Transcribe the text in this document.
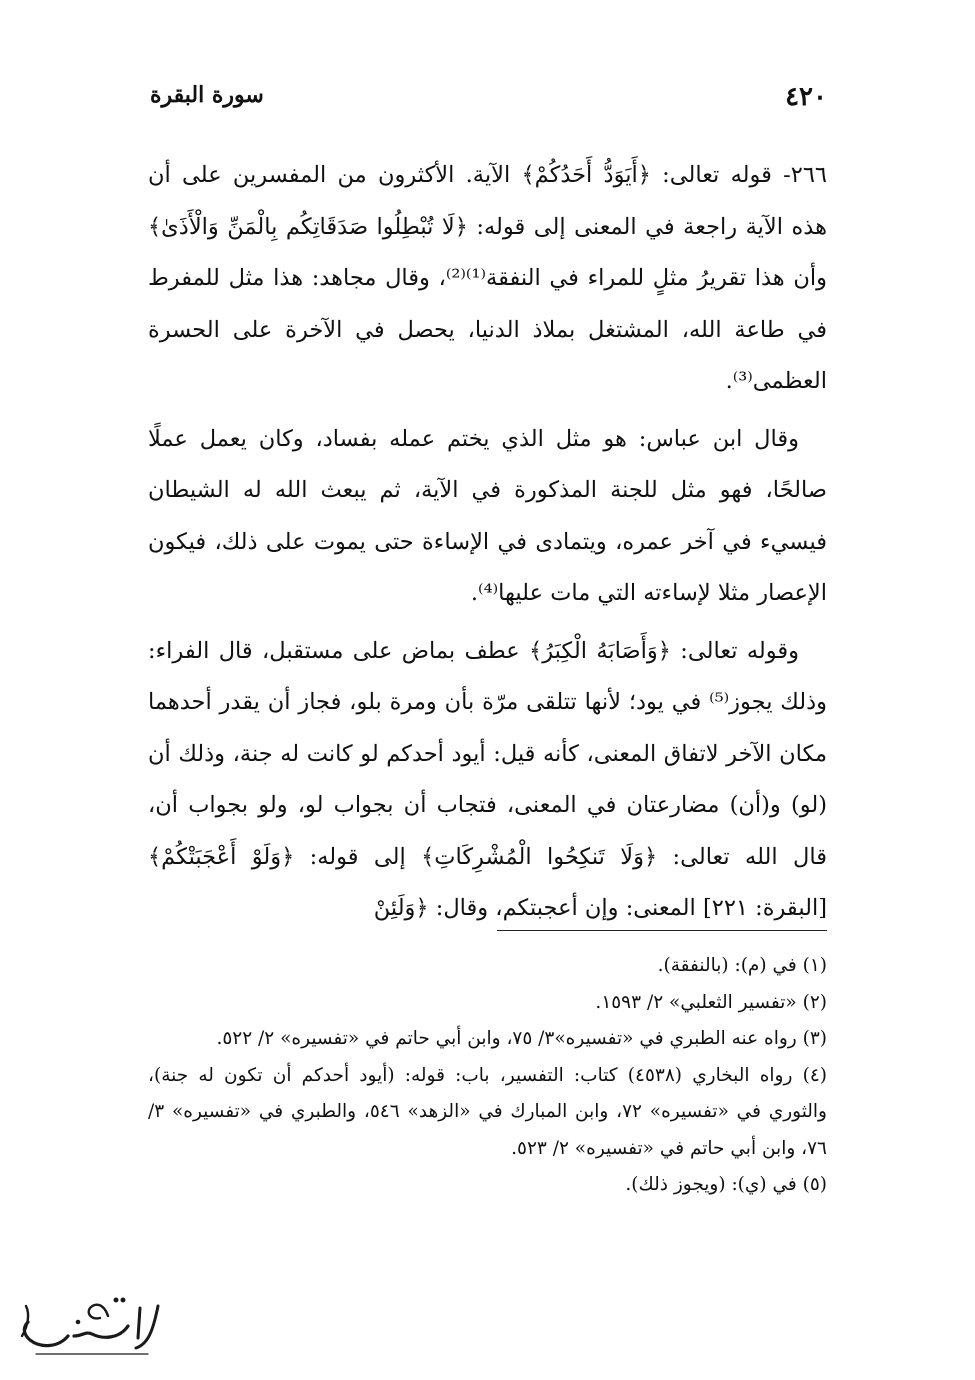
٤٢٠
سورة البقرة

٢٦٦- قوله تعالى: ﴿أَيَوَدُّ أَحَدُكُمْ﴾ الآية. الأكثرون من المفسرين على أن هذه الآية راجعة في المعنى إلى قوله: ﴿لَا تُبْطِلُوا صَدَقَاتِكُم بِالْمَنِّ وَالْأَذَىٰ﴾ وأن هذا تقريرُ مثلٍ للمراء في النفقة⁽¹⁾⁽²⁾، وقال مجاهد: هذا مثل للمفرط في طاعة الله، المشتغل بملاذ الدنيا، يحصل في الآخرة على الحسرة العظمى⁽³⁾.

وقال ابن عباس: هو مثل الذي يختم عمله بفساد، وكان يعمل عملًا صالحًا، فهو مثل للجنة المذكورة في الآية، ثم يبعث الله له الشيطان فيسيء في آخر عمره، ويتمادى في الإساءة حتى يموت على ذلك، فيكون الإعصار مثلا لإساءته التي مات عليها⁽⁴⁾.

وقوله تعالى: ﴿وَأَصَابَهُ الْكِبَرُ﴾ عطف بماض على مستقبل، قال الفراء: وذلك يجوز⁽⁵⁾ في يود؛ لأنها تتلقى مرّة بأن ومرة بلو، فجاز أن يقدر أحدهما مكان الآخر لاتفاق المعنى، كأنه قيل: أيود أحدكم لو كانت له جنة، وذلك أن (لو) و(أن) مضارعتان في المعنى، فتجاب أن بجواب لو، ولو بجواب أن، قال الله تعالى: ﴿وَلَا تَنكِحُوا الْمُشْرِكَاتِ﴾ إلى قوله: ﴿وَلَوْ أَعْجَبَتْكُمْ﴾ [البقرة: ٢٢١] المعنى: وإن أعجبتكم، وقال: ﴿وَلَئِنْ

(١) في (م): (بالنفقة).

(٢) «تفسير الثعلبي» ٢/ ١٥٩٣.

(٣) رواه عنه الطبري في «تفسيره»٣/ ٧٥، وابن أبي حاتم في «تفسيره» ٢/ ٥٢٢.

(٤) رواه البخاري (٤٥٣٨) كتاب: التفسير، باب: قوله: (أيود أحدكم أن تكون له جنة)، والثوري في «تفسيره» ٧٢، وابن المبارك في «الزهد» ٥٤٦، والطبري في «تفسيره» ٣/ ٧٦، وابن أبي حاتم في «تفسيره» ٢/ ٥٢٣.

(٥) في (ي): (ويجوز ذلك).
